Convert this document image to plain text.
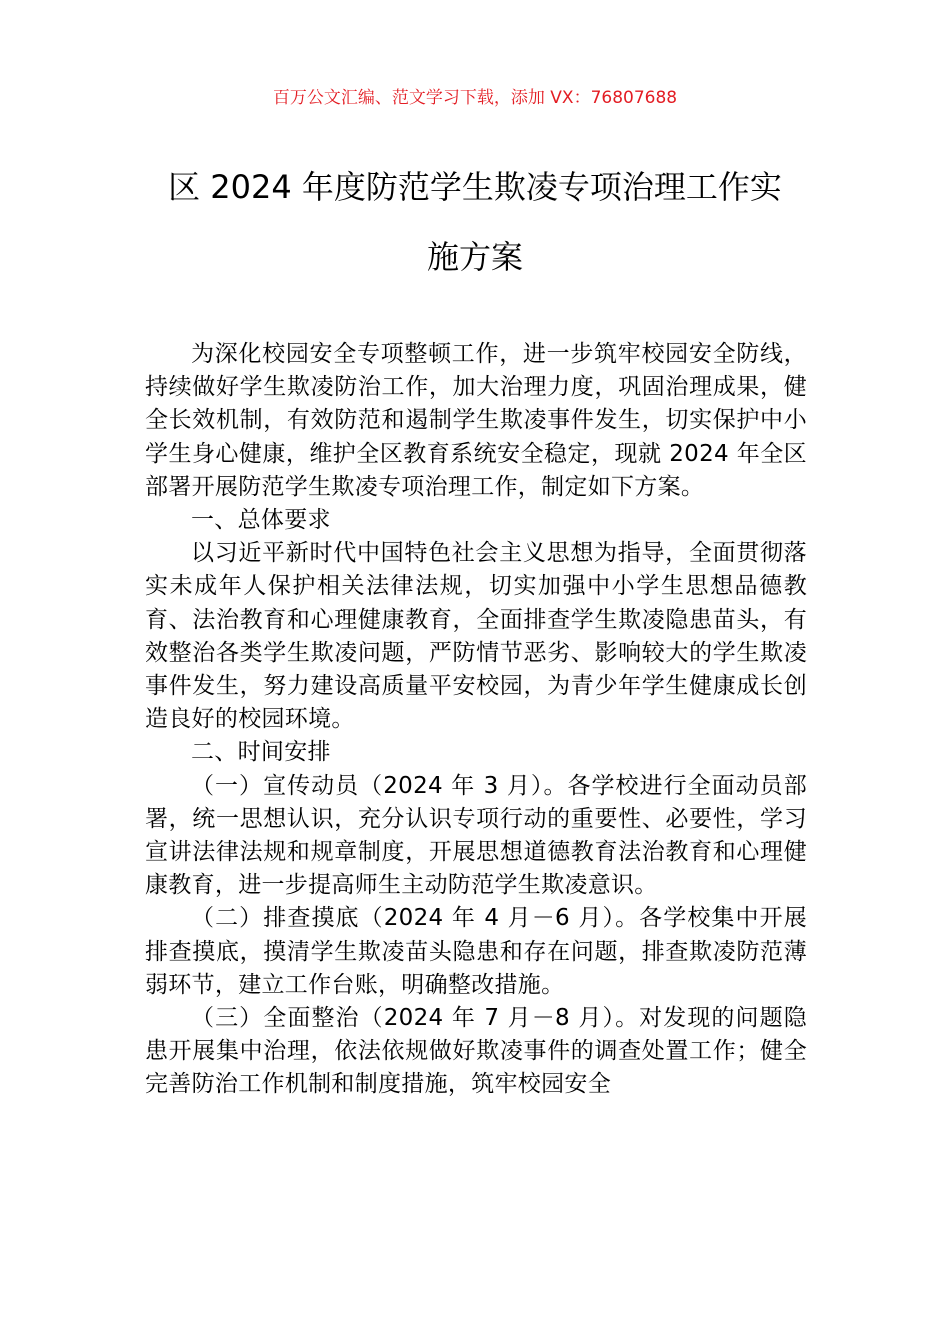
百万公文汇编、范文学习下载，添加 VX：76807688
区 2024 年度防范学生欺凌专项治理工作实
施方案

为深化校园安全专项整顿工作，进一步筑牢校园安全防线，持续做好学生欺凌防治工作，加大治理力度，巩固治理成果，健全长效机制，有效防范和遏制学生欺凌事件发生，切实保护中小学生身心健康，维护全区教育系统安全稳定，现就 2024 年全区部署开展防范学生欺凌专项治理工作，制定如下方案。

一、总体要求

以习近平新时代中国特色社会主义思想为指导，全面贯彻落实未成年人保护相关法律法规，切实加强中小学生思想品德教育、法治教育和心理健康教育，全面排查学生欺凌隐患苗头，有效整治各类学生欺凌问题，严防情节恶劣、影响较大的学生欺凌事件发生，努力建设高质量平安校园，为青少年学生健康成长创造良好的校园环境。

二、时间安排

（一）宣传动员（2024 年 3 月）。各学校进行全面动员部署，统一思想认识，充分认识专项行动的重要性、必要性，学习宣讲法律法规和规章制度，开展思想道德教育法治教育和心理健康教育，进一步提高师生主动防范学生欺凌意识。

（二）排查摸底（2024 年 4 月－6 月）。各学校集中开展排查摸底，摸清学生欺凌苗头隐患和存在问题，排查欺凌防范薄弱环节，建立工作台账，明确整改措施。

（三）全面整治（2024 年 7 月－8 月）。对发现的问题隐患开展集中治理，依法依规做好欺凌事件的调查处置工作；健全完善防治工作机制和制度措施，筑牢校园安全
